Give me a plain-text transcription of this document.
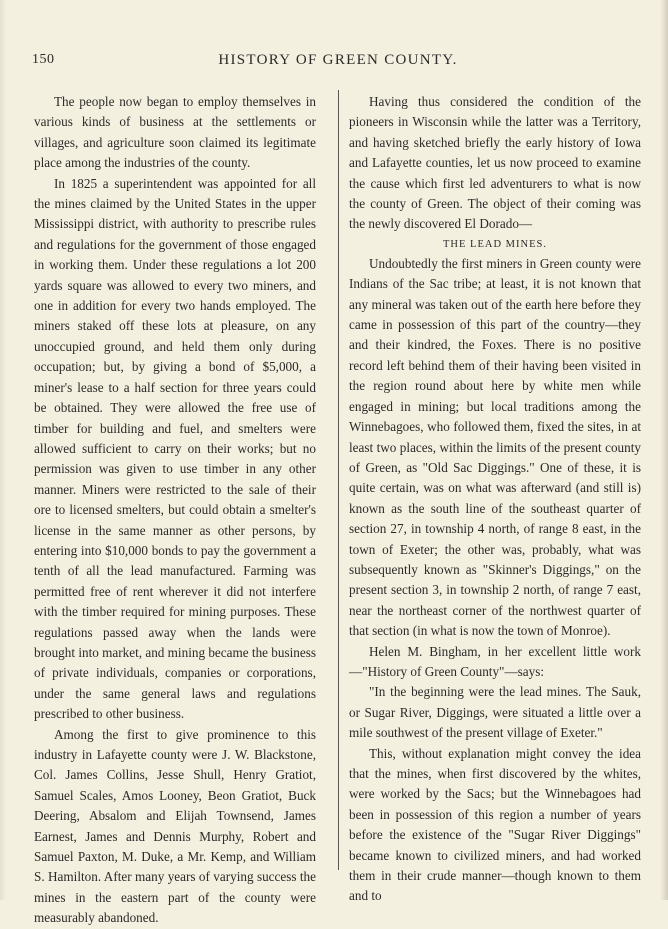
150	HISTORY OF GREEN COUNTY.

The people now began to employ themselves in various kinds of business at the settlements or villages, and agriculture soon claimed its legitimate place among the industries of the county.

In 1825 a superintendent was appointed for all the mines claimed by the United States in the upper Mississippi district, with authority to prescribe rules and regulations for the government of those engaged in working them. Under these regulations a lot 200 yards square was allowed to every two miners, and one in addition for every two hands employed. The miners staked off these lots at pleasure, on any unoccupied ground, and held them only during occupation; but, by giving a bond of $5,000, a miner's lease to a half section for three years could be obtained. They were allowed the free use of timber for building and fuel, and smelters were allowed sufficient to carry on their works; but no permission was given to use timber in any other manner. Miners were restricted to the sale of their ore to licensed smelters, but could obtain a smelter's license in the same manner as other persons, by entering into $10,000 bonds to pay the government a tenth of all the lead manufactured. Farming was permitted free of rent wherever it did not interfere with the timber required for mining purposes. These regulations passed away when the lands were brought into market, and mining became the business of private individuals, companies or corporations, under the same general laws and regulations prescribed to other business.

Among the first to give prominence to this industry in Lafayette county were J. W. Blackstone, Col. James Collins, Jesse Shull, Henry Gratiot, Samuel Scales, Amos Looney, Beon Gratiot, Buck Deering, Absalom and Elijah Townsend, James Earnest, James and Dennis Murphy, Robert and Samuel Paxton, M. Duke, a Mr. Kemp, and William S. Hamilton. After many years of varying success the mines in the eastern part of the county were measurably abandoned.

Having thus considered the condition of the pioneers in Wisconsin while the latter was a Territory, and having sketched briefly the early history of Iowa and Lafayette counties, let us now proceed to examine the cause which first led adventurers to what is now the county of Green. The object of their coming was the newly discovered El Dorado—

THE LEAD MINES.

Undoubtedly the first miners in Green county were Indians of the Sac tribe; at least, it is not known that any mineral was taken out of the earth here before they came in possession of this part of the country—they and their kindred, the Foxes. There is no positive record left behind them of their having been visited in the region round about here by white men while engaged in mining; but local traditions among the Winnebagoes, who followed them, fixed the sites, in at least two places, within the limits of the present county of Green, as "Old Sac Diggings." One of these, it is quite certain, was on what was afterward (and still is) known as the south line of the southeast quarter of section 27, in township 4 north, of range 8 east, in the town of Exeter; the other was, probably, what was subsequently known as "Skinner's Diggings," on the present section 3, in township 2 north, of range 7 east, near the northeast corner of the northwest quarter of that section (in what is now the town of Monroe).

Helen M. Bingham, in her excellent little work—"History of Green County"—says:

"In the beginning were the lead mines. The Sauk, or Sugar River, Diggings, were situated a little over a mile southwest of the present village of Exeter."

This, without explanation might convey the idea that the mines, when first discovered by the whites, were worked by the Sacs; but the Winnebagoes had been in possession of this region a number of years before the existence of the "Sugar River Diggings" became known to civilized miners, and had worked them in their crude manner—though known to them and to
